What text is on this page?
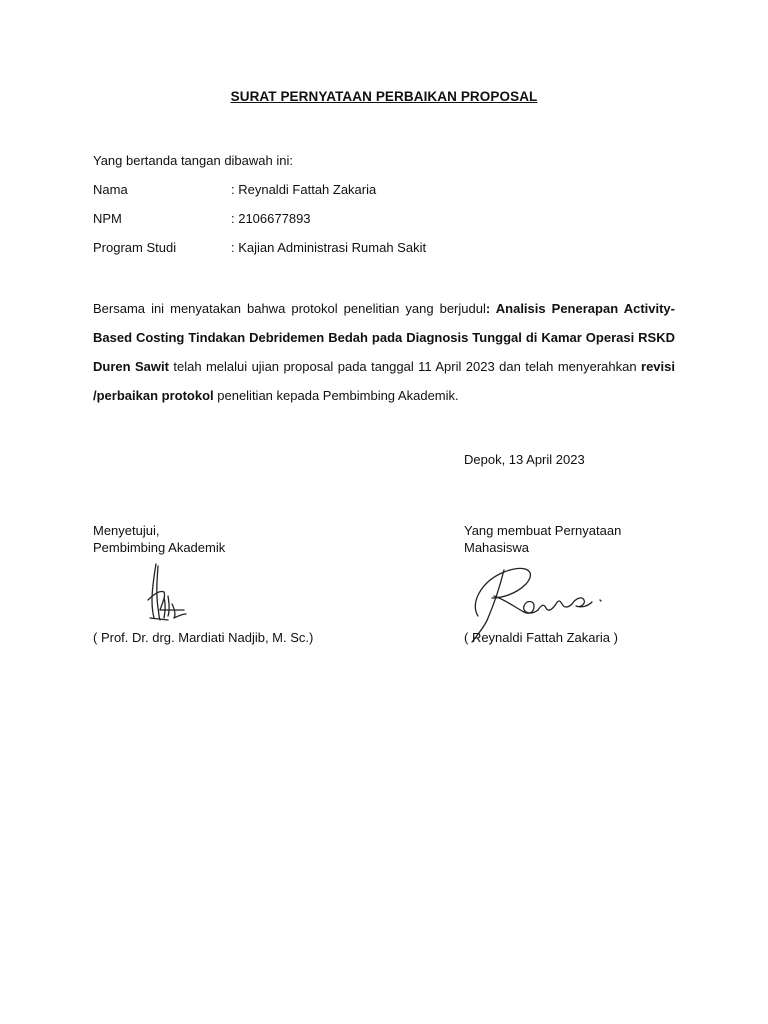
SURAT PERNYATAAN PERBAIKAN PROPOSAL
Yang bertanda tangan dibawah ini:
Nama	: Reynaldi Fattah Zakaria
NPM	: 2106677893
Program Studi	: Kajian Administrasi Rumah Sakit
Bersama ini menyatakan bahwa protokol penelitian yang berjudul: Analisis Penerapan Activity-Based Costing Tindakan Debridemen Bedah pada Diagnosis Tunggal di Kamar Operasi RSKD Duren Sawit telah melalui ujian proposal pada tanggal 11 April 2023 dan telah menyerahkan revisi /perbaikan protokol penelitian kepada Pembimbing Akademik.
Depok, 13 April 2023
Menyetujui,
Pembimbing Akademik
( Prof. Dr. drg. Mardiati Nadjib, M. Sc.)
Yang membuat Pernyataan
Mahasiswa
( Reynaldi Fattah Zakaria )
